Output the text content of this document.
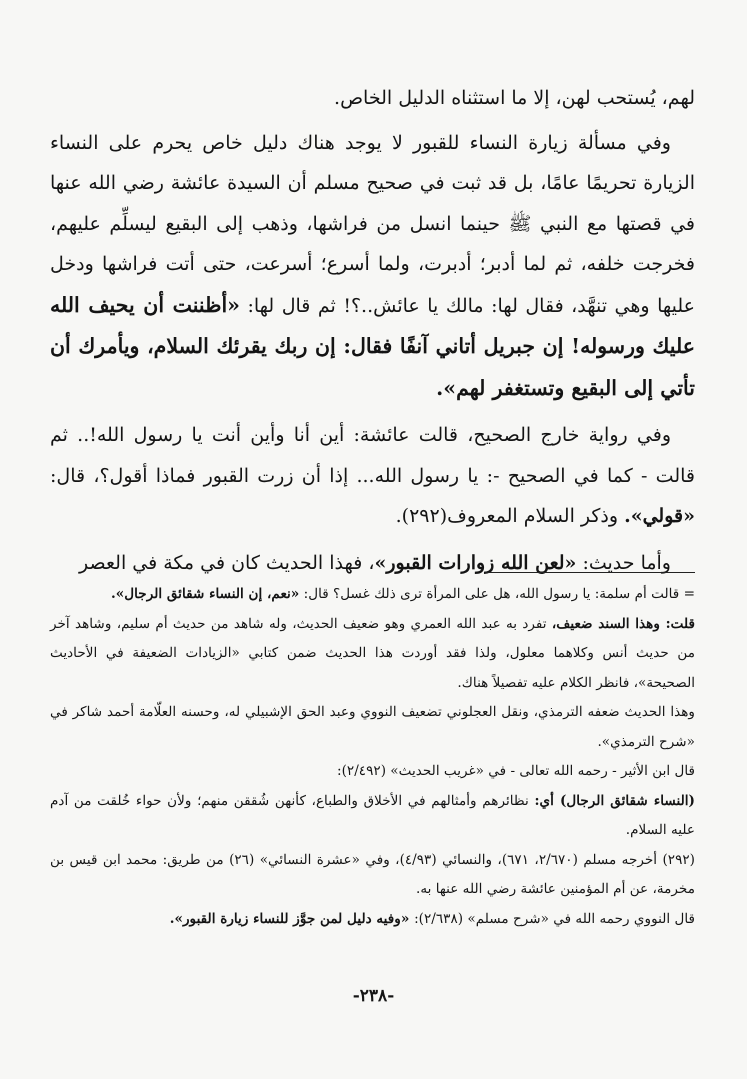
لهم، يُستحب لهن، إلا ما استثناه الدليل الخاص.

وفي مسألة زيارة النساء للقبور لا يوجد هناك دليل خاص يحرم على النساء الزيارة تحريمًا عامًا، بل قد ثبت في صحيح مسلم أن السيدة عائشة رضي الله عنها في قصتها مع النبي ﷺ حينما انسل من فراشها، وذهب إلى البقيع ليسلِّم عليهم، فخرجت خلفه، ثم لما أدبر؛ أدبرت، ولما أسرع؛ أسرعت، حتى أتت فراشها ودخل عليها وهي تنهَّد، فقال لها: مالك يا عائش..؟! ثم قال لها: «أظننت أن يحيف الله عليك ورسوله! إن جبريل أتاني آنفًا فقال: إن ربك يقرئك السلام، ويأمرك أن تأتي إلى البقيع وتستغفر لهم».

وفي رواية خارج الصحيح، قالت عائشة: أين أنا وأين أنت يا رسول الله!.. ثم قالت - كما في الصحيح -: يا رسول الله... إذا أن زرت القبور فماذا أقول؟، قال: «قولي». وذكر السلام المعروف(٢٩٢).

وأما حديث: «لعن الله زوارات القبور»، فهذا الحديث كان في مكة في العصر

= قالت أم سلمة: يا رسول الله، هل على المرأة ترى ذلك غسل؟ قال: «نعم، إن النساء شقائق الرجال».

قلت: وهذا السند ضعيف، تفرد به عبد الله العمري وهو ضعيف الحديث، وله شاهد من حديث أم سليم، وشاهد آخر من حديث أنس وكلاهما معلول، ولذا فقد أوردت هذا الحديث ضمن كتابي «الزيادات الضعيفة في الأحاديث الصحيحة»، فانظر الكلام عليه تفصيلاً هناك.

وهذا الحديث ضعفه الترمذي، ونقل العجلوني تضعيف النووي وعبد الحق الإشبيلي له، وحسنه العلّامة أحمد شاكر في «شرح الترمذي».

قال ابن الأثير - رحمه الله تعالى - في «غريب الحديث» (٢/٤٩٢):

(النساء شقائق الرجال) أي: نظائرهم وأمثالهم في الأخلاق والطباع، كأنهن شُققن منهم؛ ولأن حواء خُلقت من آدم عليه السلام.

(٢٩٢) أخرجه مسلم (٢/٦٧٠، ٦٧١)، والنسائي (٤/٩٣)، وفي «عشرة النسائي» (٢٦) من طريق: محمد ابن قيس بن مخرمة، عن أم المؤمنين عائشة رضي الله عنها به.

قال النووي رحمه الله في «شرح مسلم» (٢/٦٣٨): «وفيه دليل لمن جوَّز للنساء زيارة القبور».

-٢٣٨-
